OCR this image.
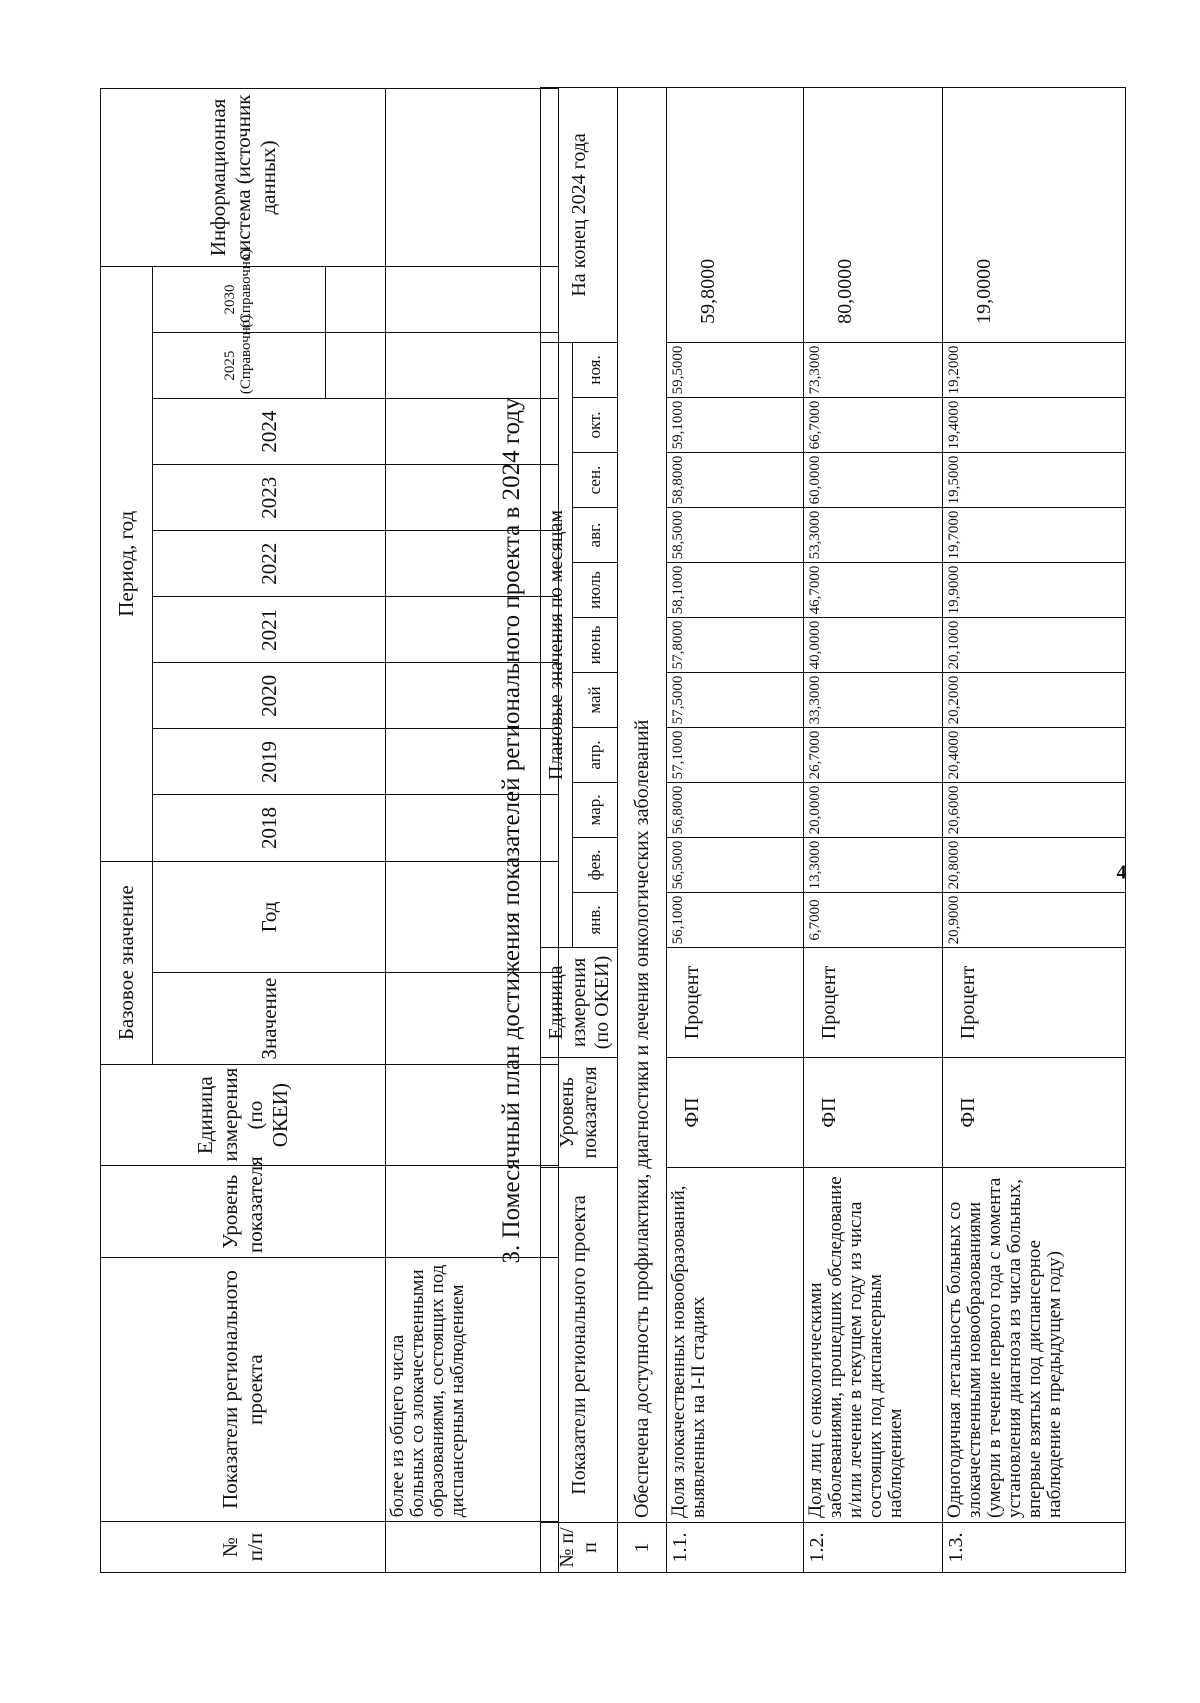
4
№ п/п	Показатели регионального проекта	Уровень показателя	Единица измерения (по ОКЕИ)	Базовое значение		Период, год									Информационная система (источник данных)
				Значение	Год	2018	2019	2020	2021	2022	2023	2024	2025 (Справочно)	2030 (Справочно)	

	более из общего числа больных со злокачественными образованиями, состоящих под диспансерным наблюдением														
3. Помесячный план достижения показателей регионального проекта в 2024 году
№ п/п	Показатели регионального проекта	Уровень показателя	Единица измерения (по ОКЕИ)	Плановые значения по месяцам											На конец 2024 года
				янв.	фев.	мар.	апр.	май	июнь	июль	авг.	сен.	окт.	ноя.	
1	Обеспечена доступность профилактики, диагностики и лечения онкологических заболеваний														
1.1.	Доля злокачественных новообразований, выявленных на I-II стадиях	ФП	Процент	56,1000	56,5000	56,8000	57,1000	57,5000	57,8000	58,1000	58,5000	58,8000	59,1000	59,5000	59,8000
1.2.	Доля лиц с онкологическими заболеваниями, прошедших обследование и/или лечение в текущем году из числа состоящих под диспансерным наблюдением	ФП	Процент	6,7000	13,3000	20,0000	26,7000	33,3000	40,0000	46,7000	53,3000	60,0000	66,7000	73,3000	80,0000
1.3.	Одногодичная летальность больных со злокачественными новообразованиями (умерли в течение первого года с момента установления диагноза из числа больных, впервые взятых под диспансерное наблюдение в предыдущем году)	ФП	Процент	20,9000	20,8000	20,6000	20,4000	20,2000	20,1000	19,9000	19,7000	19,5000	19,4000	19,2000	19,0000
